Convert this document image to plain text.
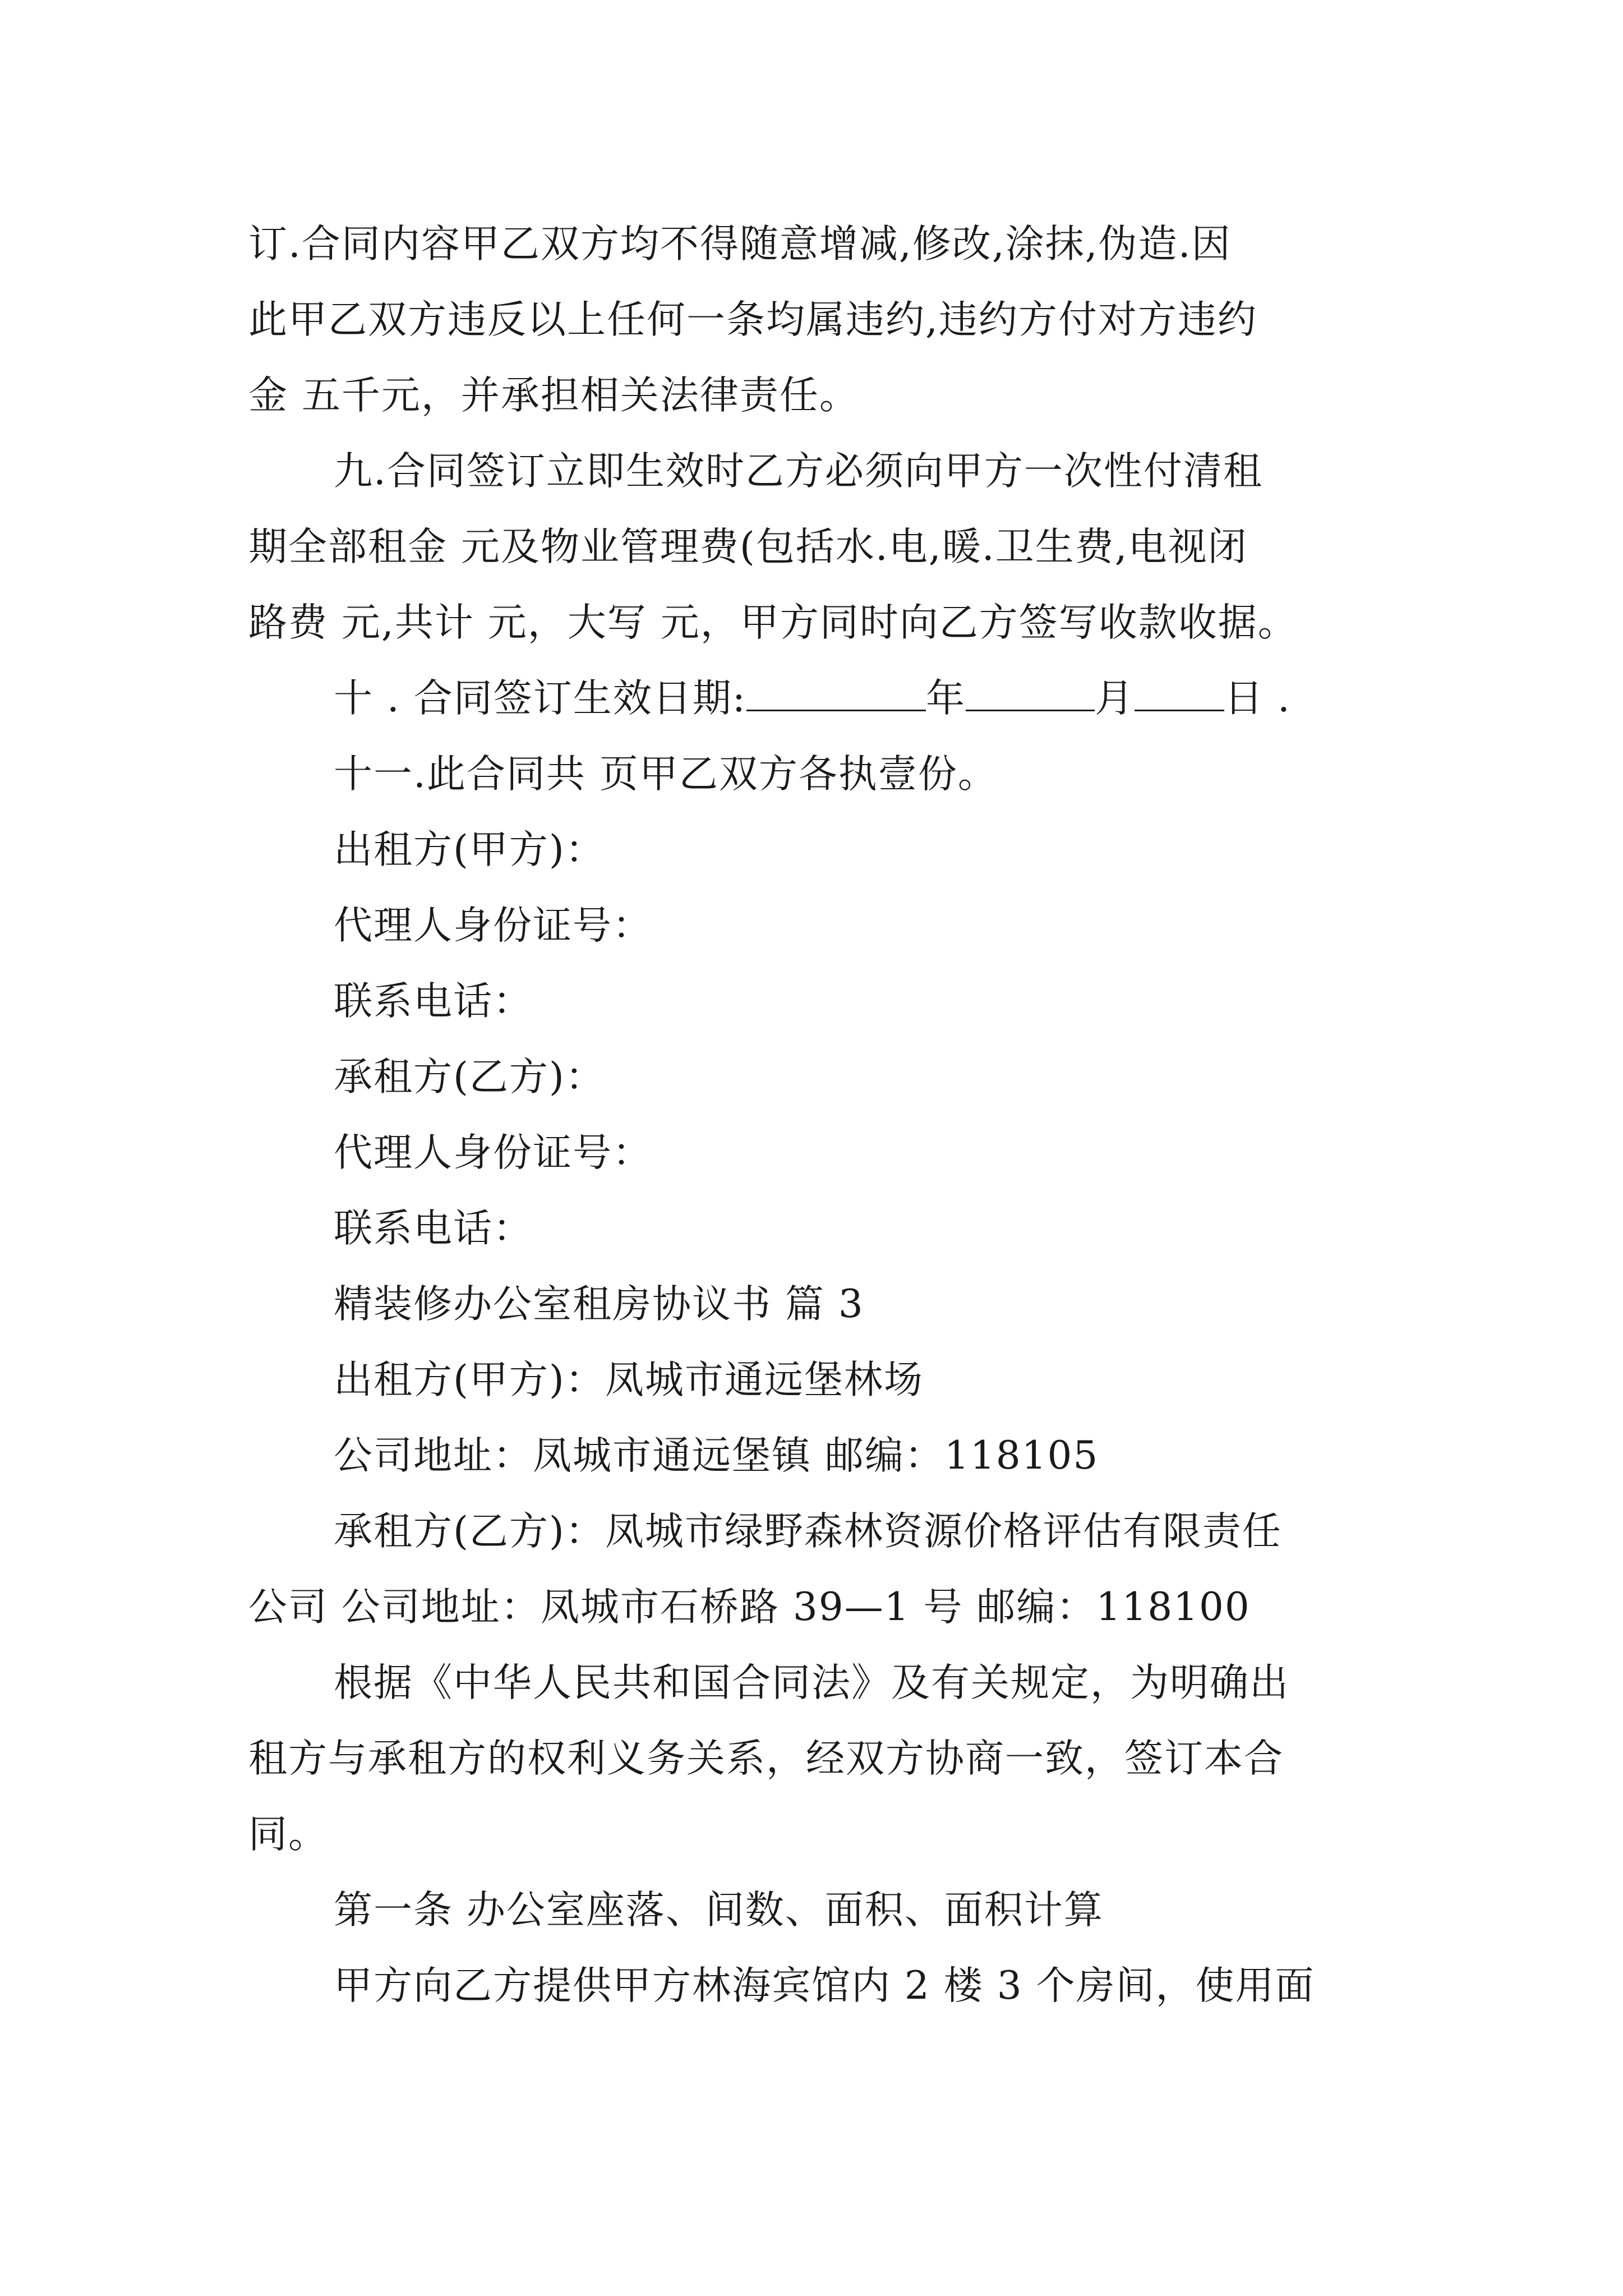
订.合同内容甲乙双方均不得随意增减,修改,涂抹,伪造.因
此甲乙双方违反以上任何一条均属违约,违约方付对方违约
金 五千元，并承担相关法律责任。
九.合同签订立即生效时乙方必须向甲方一次性付清租
期全部租金 元及物业管理费(包括水.电,暖.卫生费,电视闭
路费 元,共计 元，大写 元，甲方同时向乙方签写收款收据。
十 . 合同签订生效日期:	年	月 日 .
十一.此合同共 页甲乙双方各执壹份。
出租方(甲方)：
代理人身份证号：
联系电话：
承租方(乙方)：
代理人身份证号：
联系电话：
精装修办公室租房协议书 篇 3
出租方(甲方)：凤城市通远堡林场
公司地址：凤城市通远堡镇 邮编：118105
承租方(乙方)：凤城市绿野森林资源价格评估有限责任
公司 公司地址：凤城市石桥路 39—1 号 邮编：118100
根据《中华人民共和国合同法》及有关规定，为明确出
租方与承租方的权利义务关系，经双方协商一致，签订本合
同。
第一条 办公室座落、间数、面积、面积计算
甲方向乙方提供甲方林海宾馆内 2 楼 3 个房间，使用面
